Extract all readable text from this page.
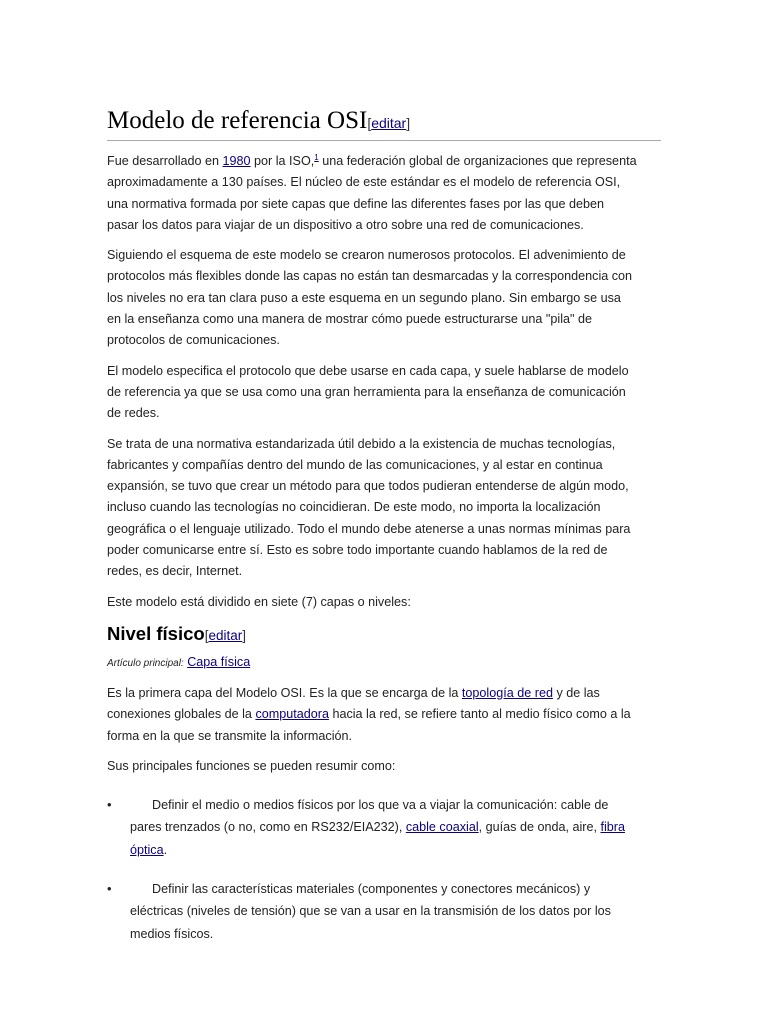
Modelo de referencia OSI[editar]

Fue desarrollado en 1980 por la ISO,$^1$ una federación global de organizaciones que representa
aproximadamente a 130 países. El núcleo de este estándar es el modelo de referencia OSI,
una normativa formada por siete capas que define las diferentes fases por las que deben
pasar los datos para viajar de un dispositivo a otro sobre una red de comunicaciones.

Siguiendo el esquema de este modelo se crearon numerosos protocolos. El advenimiento de
protocolos más flexibles donde las capas no están tan desmarcadas y la correspondencia con
los niveles no era tan clara puso a este esquema en un segundo plano. Sin embargo se usa
en la enseñanza como una manera de mostrar cómo puede estructurarse una "pila" de
protocolos de comunicaciones.

El modelo especifica el protocolo que debe usarse en cada capa, y suele hablarse de modelo
de referencia ya que se usa como una gran herramienta para la enseñanza de comunicación
de redes.

Se trata de una normativa estandarizada útil debido a la existencia de muchas tecnologías,
fabricantes y compañías dentro del mundo de las comunicaciones, y al estar en continua
expansión, se tuvo que crear un método para que todos pudieran entenderse de algún modo,
incluso cuando las tecnologías no coincidieran. De este modo, no importa la localización
geográfica o el lenguaje utilizado. Todo el mundo debe atenerse a unas normas mínimas para
poder comunicarse entre sí. Esto es sobre todo importante cuando hablamos de la red de
redes, es decir, Internet.

Este modelo está dividido en siete (7) capas o niveles:

Nivel físico[editar]
Artículo principal: Capa física

Es la primera capa del Modelo OSI. Es la que se encarga de la topología de red y de las
conexiones globales de la computadora hacia la red, se refiere tanto al medio físico como a la
forma en la que se transmite la información.

Sus principales funciones se pueden resumir como:

•	Definir el medio o medios físicos por los que va a viajar la comunicación: cable de
pares trenzados (o no, como en RS232/EIA232), cable coaxial, guías de onda, aire, fibra
óptica.
•	Definir las características materiales (componentes y conectores mecánicos) y
eléctricas (niveles de tensión) que se van a usar en la transmisión de los datos por los
medios físicos.
